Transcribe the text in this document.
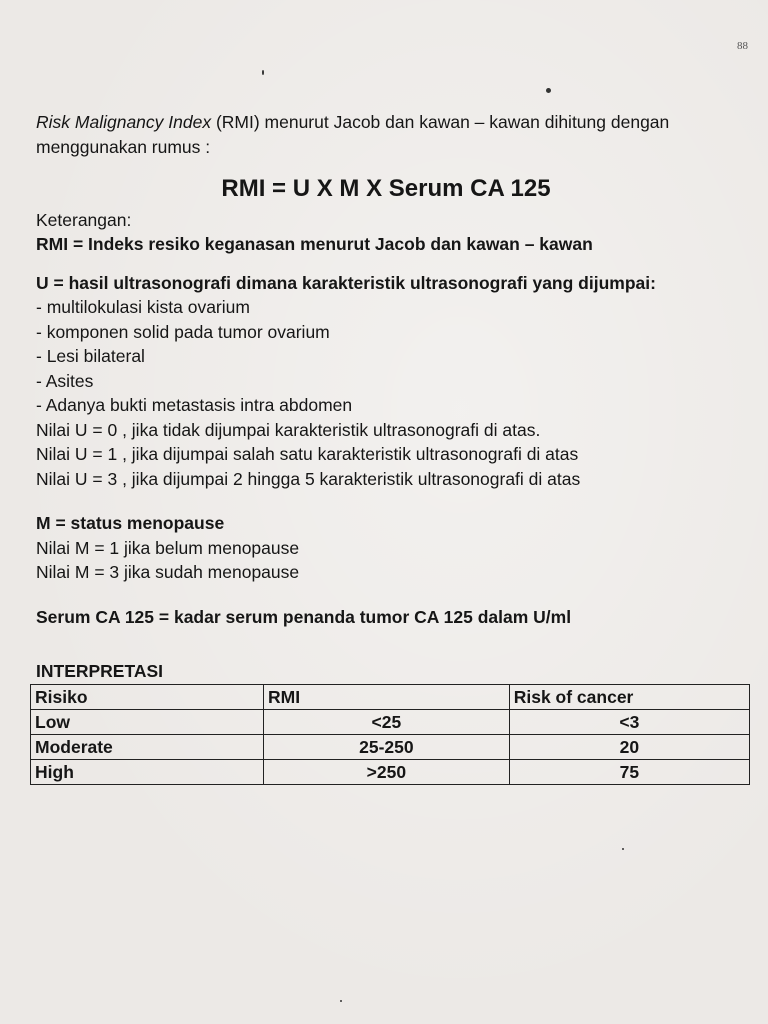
88

Risk Malignancy Index (RMI) menurut Jacob dan kawan – kawan dihitung dengan menggunakan rumus :

RMI = U X M X Serum CA 125
Keterangan:
RMI = Indeks resiko keganasan menurut Jacob dan kawan – kawan
U = hasil ultrasonografi dimana karakteristik ultrasonografi yang dijumpai:
- multilokulasi kista ovarium
- komponen solid pada tumor ovarium
- Lesi bilateral
- Asites
- Adanya bukti metastasis intra abdomen
Nilai U = 0 , jika tidak dijumpai karakteristik ultrasonografi di atas.
Nilai U = 1 , jika dijumpai salah satu karakteristik ultrasonografi di atas
Nilai U = 3 , jika dijumpai 2 hingga 5 karakteristik ultrasonografi di atas
M = status menopause
Nilai M = 1 jika belum menopause
Nilai M = 3 jika sudah menopause
Serum CA 125 = kadar serum penanda tumor CA 125 dalam U/ml
INTERPRETASI
Risiko	RMI	Risk of cancer
Low	<25	<3
Moderate	25-250	20
High	>250	75
